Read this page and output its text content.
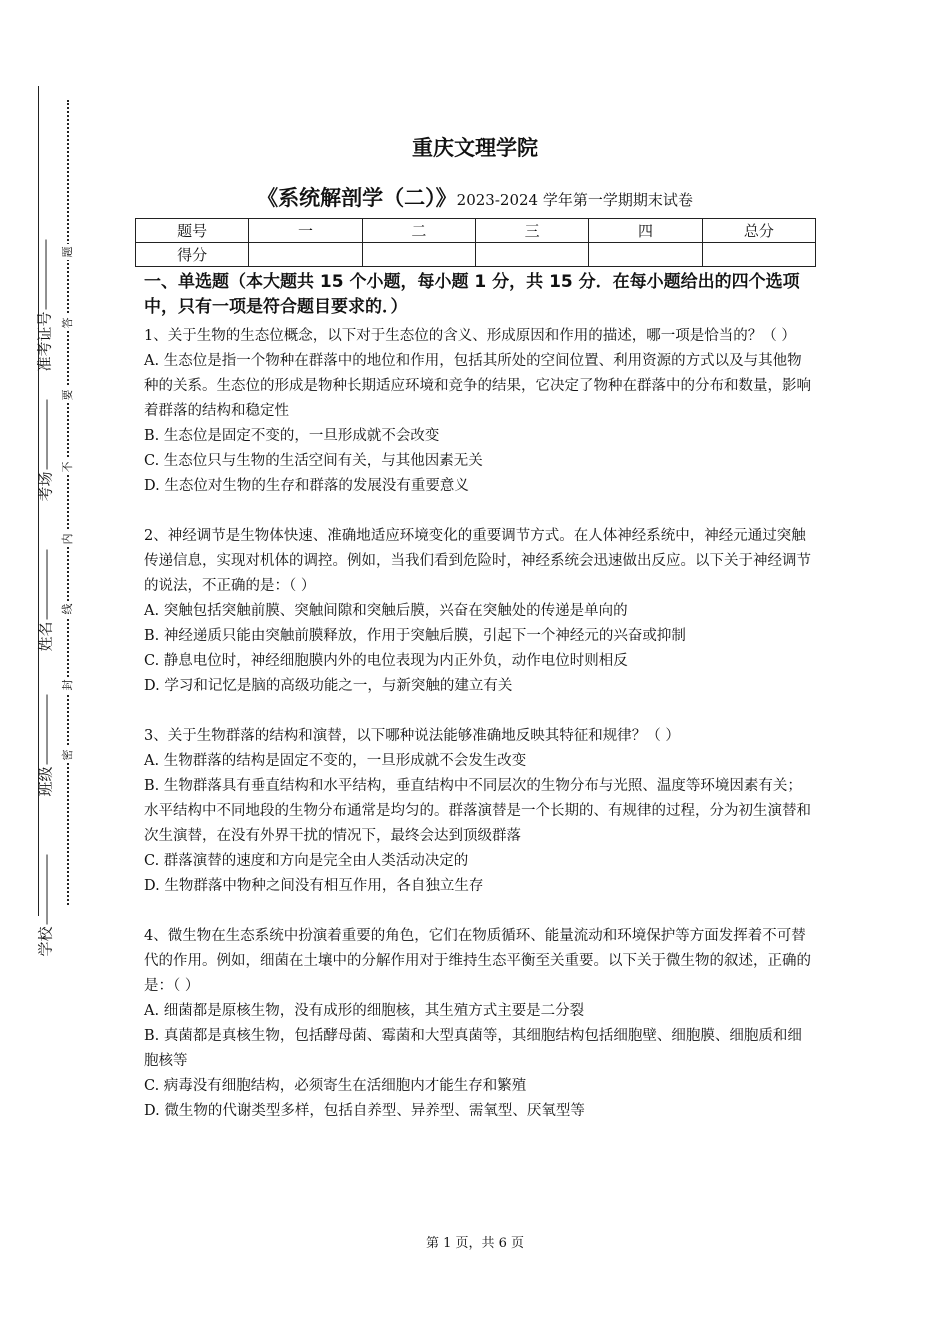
准考证号
考场
姓名
班级
学校
题
答
要
不
内
线
封
密
重庆文理学院
《系统解剖学（二）》2023-2024 学年第一学期期末试卷
题号	一	二	三	四	总分
得分					
一、单选题（本大题共 15 个小题，每小题 1 分，共 15 分．在每小题给出的四个选项中，只有一项是符合题目要求的．）

1、关于生物的生态位概念，以下对于生态位的含义、形成原因和作用的描述，哪一项是恰当的？（ ）

A. 生态位是指一个物种在群落中的地位和作用，包括其所处的空间位置、利用资源的方式以及与其他物种的关系。生态位的形成是物种长期适应环境和竞争的结果，它决定了物种在群落中的分布和数量，影响着群落的结构和稳定性

B. 生态位是固定不变的，一旦形成就不会改变

C. 生态位只与生物的生活空间有关，与其他因素无关

D. 生态位对生物的生存和群落的发展没有重要意义

2、神经调节是生物体快速、准确地适应环境变化的重要调节方式。在人体神经系统中，神经元通过突触传递信息，实现对机体的调控。例如，当我们看到危险时，神经系统会迅速做出反应。以下关于神经调节的说法，不正确的是：（ ）

A. 突触包括突触前膜、突触间隙和突触后膜，兴奋在突触处的传递是单向的

B. 神经递质只能由突触前膜释放，作用于突触后膜，引起下一个神经元的兴奋或抑制

C. 静息电位时，神经细胞膜内外的电位表现为内正外负，动作电位时则相反

D. 学习和记忆是脑的高级功能之一，与新突触的建立有关

3、关于生物群落的结构和演替，以下哪种说法能够准确地反映其特征和规律？（ ）

A. 生物群落的结构是固定不变的，一旦形成就不会发生改变

B. 生物群落具有垂直结构和水平结构，垂直结构中不同层次的生物分布与光照、温度等环境因素有关；水平结构中不同地段的生物分布通常是均匀的。群落演替是一个长期的、有规律的过程，分为初生演替和次生演替，在没有外界干扰的情况下，最终会达到顶级群落

C. 群落演替的速度和方向是完全由人类活动决定的

D. 生物群落中物种之间没有相互作用，各自独立生存

4、微生物在生态系统中扮演着重要的角色，它们在物质循环、能量流动和环境保护等方面发挥着不可替代的作用。例如，细菌在土壤中的分解作用对于维持生态平衡至关重要。以下关于微生物的叙述，正确的是：（ ）

A. 细菌都是原核生物，没有成形的细胞核，其生殖方式主要是二分裂

B. 真菌都是真核生物，包括酵母菌、霉菌和大型真菌等，其细胞结构包括细胞壁、细胞膜、细胞质和细胞核等

C. 病毒没有细胞结构，必须寄生在活细胞内才能生存和繁殖

D. 微生物的代谢类型多样，包括自养型、异养型、需氧型、厌氧型等

第 1 页，共 6 页
